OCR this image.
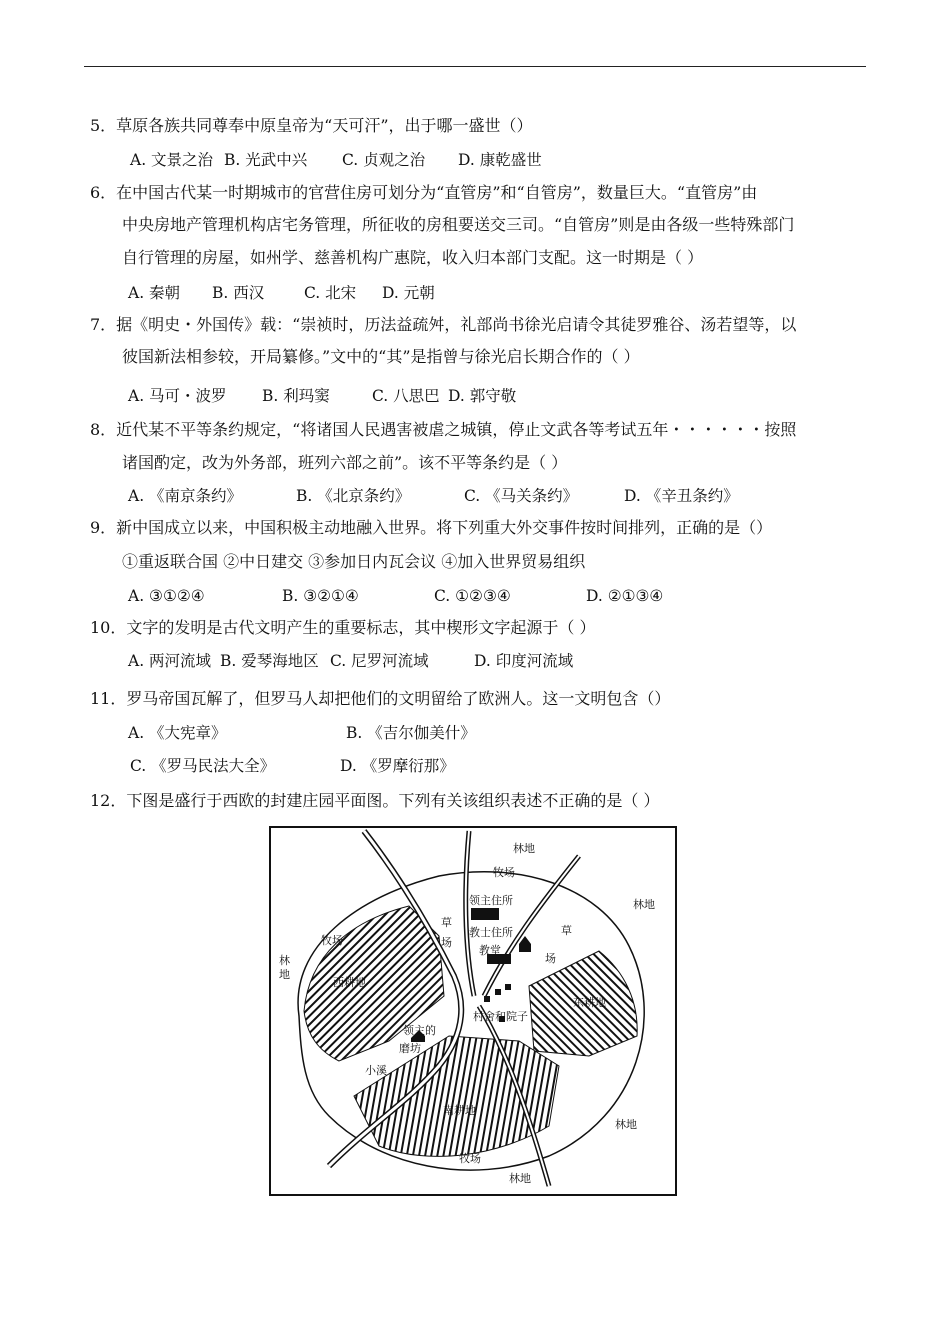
5．草原各族共同尊奉中原皇帝为“天可汗”，出于哪一盛世（）
A. 文景之治 B. 光武中兴 C. 贞观之治 D. 康乾盛世
6．在中国古代某一时期城市的官营住房可划分为“直管房”和“自管房”，数量巨大。“直管房”由
中央房地产管理机构店宅务管理，所征收的房租要送交三司。“自管房”则是由各级一些特殊部门
自行管理的房屋，如州学、慈善机构广惠院，收入归本部门支配。这一时期是（ ）
A. 秦朝 B. 西汉	C. 北宋 D. 元朝
7．据《明史・外国传》载：“崇祯时，历法益疏舛，礼部尚书徐光启请令其徒罗雅谷、汤若望等，以
彼国新法相参较，开局纂修。”文中的“其”是指曾与徐光启长期合作的（ ）
A. 马可・波罗 B. 利玛窦	C. 八思巴 D. 郭守敬
8．近代某不平等条约规定，“将诸国人民遇害被虐之城镇，停止文武各等考试五年・・・・・・按照
诸国酌定，改为外务部，班列六部之前”。该不平等条约是（ ）
A. 《南京条约》	B. 《北京条约》	C. 《马关条约》	D. 《辛丑条约》
9．新中国成立以来，中国积极主动地融入世界。将下列重大外交事件按时间排列，正确的是（）
①重返联合国 ②中日建交 ③参加日内瓦会议 ④加入世界贸易组织
A. ③①②④	B. ③②①④	C. ①②③④	D. ②①③④
10．文字的发明是古代文明产生的重要标志，其中楔形文字起源于（ ）
A. 两河流域 B. 爱琴海地区 C. 尼罗河流域	D. 印度河流域
11．罗马帝国瓦解了，但罗马人却把他们的文明留给了欧洲人。这一文明包含（）
A. 《大宪章》	B. 《吉尔伽美什》
C. 《罗马民法大全》	D. 《罗摩衍那》
12．下图是盛行于西欧的封建庄园平面图。下列有关该组织表述不正确的是（ ）
林地
牧场
林地
牧场
领主住所
教士住所
教堂
西耕地
东耕地
村舍和院子
小溪
南耕地
林地
牧场
林地
林
地
草
场
草
场
领主的
磨坊
